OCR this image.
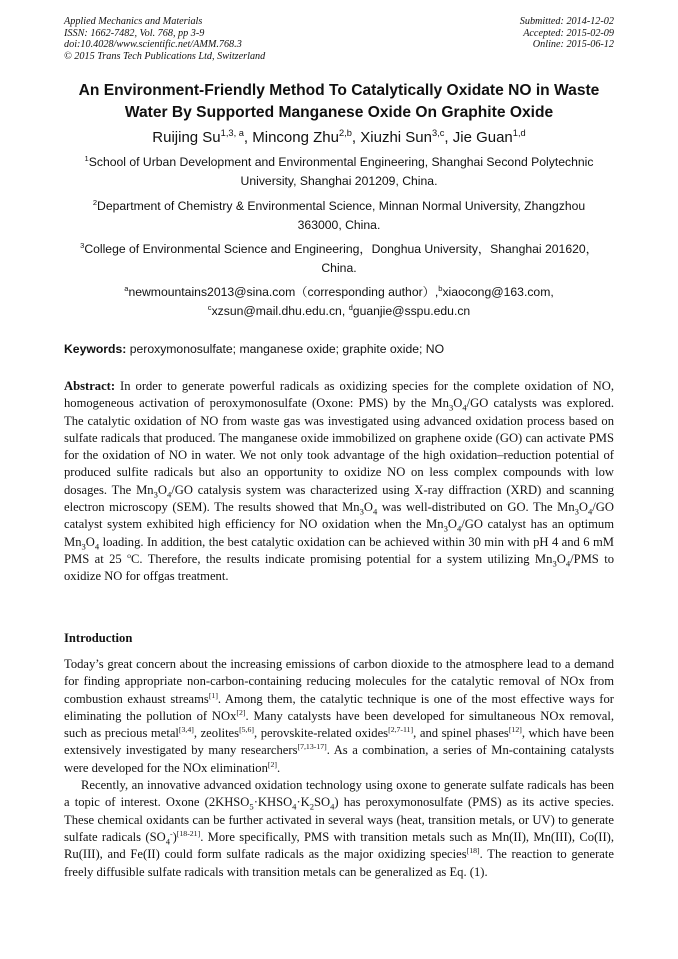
Applied Mechanics and Materials
ISSN: 1662-7482, Vol. 768, pp 3-9
doi:10.4028/www.scientific.net/AMM.768.3
© 2015 Trans Tech Publications Ltd, Switzerland
Submitted: 2014-12-02
Accepted: 2015-02-09
Online: 2015-06-12
An Environment-Friendly Method To Catalytically Oxidate NO in Waste
Water By Supported Manganese Oxide On Graphite Oxide
Ruijing Su$^{1,3, a}$, Mincong Zhu$^{2,b}$, Xiuzhi Sun$^{3,c}$, Jie Guan$^{1,d}$
$^1$School of Urban Development and Environmental Engineering, Shanghai Second Polytechnic
University, Shanghai 201209, China.
$^2$Department of Chemistry & Environmental Science, Minnan Normal University, Zhangzhou
363000, China.
$^3$College of Environmental Science and Engineering，Donghua University，Shanghai 201620，
China.
$^a$newmountains2013@sina.com（corresponding author）,$^b$xiaocong@163.com,
$^c$xzsun@mail.dhu.edu.cn, $^d$guanjie@sspu.edu.cn
Keywords: peroxymonosulfate; manganese oxide; graphite oxide; NO
Abstract: In order to generate powerful radicals as oxidizing species for the complete oxidation of NO, homogeneous activation of peroxymonosulfate (Oxone: PMS) by the $Mn_3O_4/GO$ catalysts was explored. The catalytic oxidation of NO from waste gas was investigated using advanced oxidation process based on sulfate radicals that produced. The manganese oxide immobilized on graphene oxide (GO) can activate PMS for the oxidation of NO in water. We not only took advantage of the high oxidation–reduction potential of produced sulfite radicals but also an opportunity to oxidize NO on less complex compounds with low dosages. The $Mn_3O_4/GO$ catalysis system was characterized using X-ray diffraction (XRD) and scanning electron microscopy (SEM). The results showed that $Mn_3O_4$ was well-distributed on GO. The $Mn_3O_4/GO$ catalyst system exhibited high efficiency for NO oxidation when the $Mn_3O_4/GO$ catalyst has an optimum $Mn_3O_4$ loading. In addition, the best catalytic oxidation can be achieved within 30 min with pH 4 and 6 mM PMS at 25 $^o$C. Therefore, the results indicate promising potential for a system utilizing $Mn_3O_4$/PMS to oxidize NO for offgas treatment.
Introduction

Today’s great concern about the increasing emissions of carbon dioxide to the atmosphere lead to a demand for finding appropriate non-carbon-containing reducing molecules for the catalytic removal of NOx from combustion exhaust streams[1]. Among them, the catalytic technique is one of the most effective ways for eliminating the pollution of NOx[2]. Many catalysts have been developed for simultaneous NOx removal, such as precious metal[3,4], zeolites[5,6], perovskite-related oxides[2,7-11], and spinel phases[12], which have been extensively investigated by many researchers[7,13-17]. As a combination, a series of Mn-containing catalysts were developed for the NOx elimination[2].

Recently, an innovative advanced oxidation technology using oxone to generate sulfate radicals has been a topic of interest. Oxone $(2KHSO_5\cdot KHSO_4\cdot K_2SO_4)$ has peroxymonosulfate (PMS) as its active species. These chemical oxidants can be further activated in several ways (heat, transition metals, or UV) to generate sulfate radicals $(SO_4^-)[18-21]$. More specifically, PMS with transition metals such as Mn(II), Mn(III), Co(II), Ru(III), and Fe(II) could form sulfate radicals as the major oxidizing species[18]. The reaction to generate freely diffusible sulfate radicals with transition metals can be generalized as Eq. (1).
